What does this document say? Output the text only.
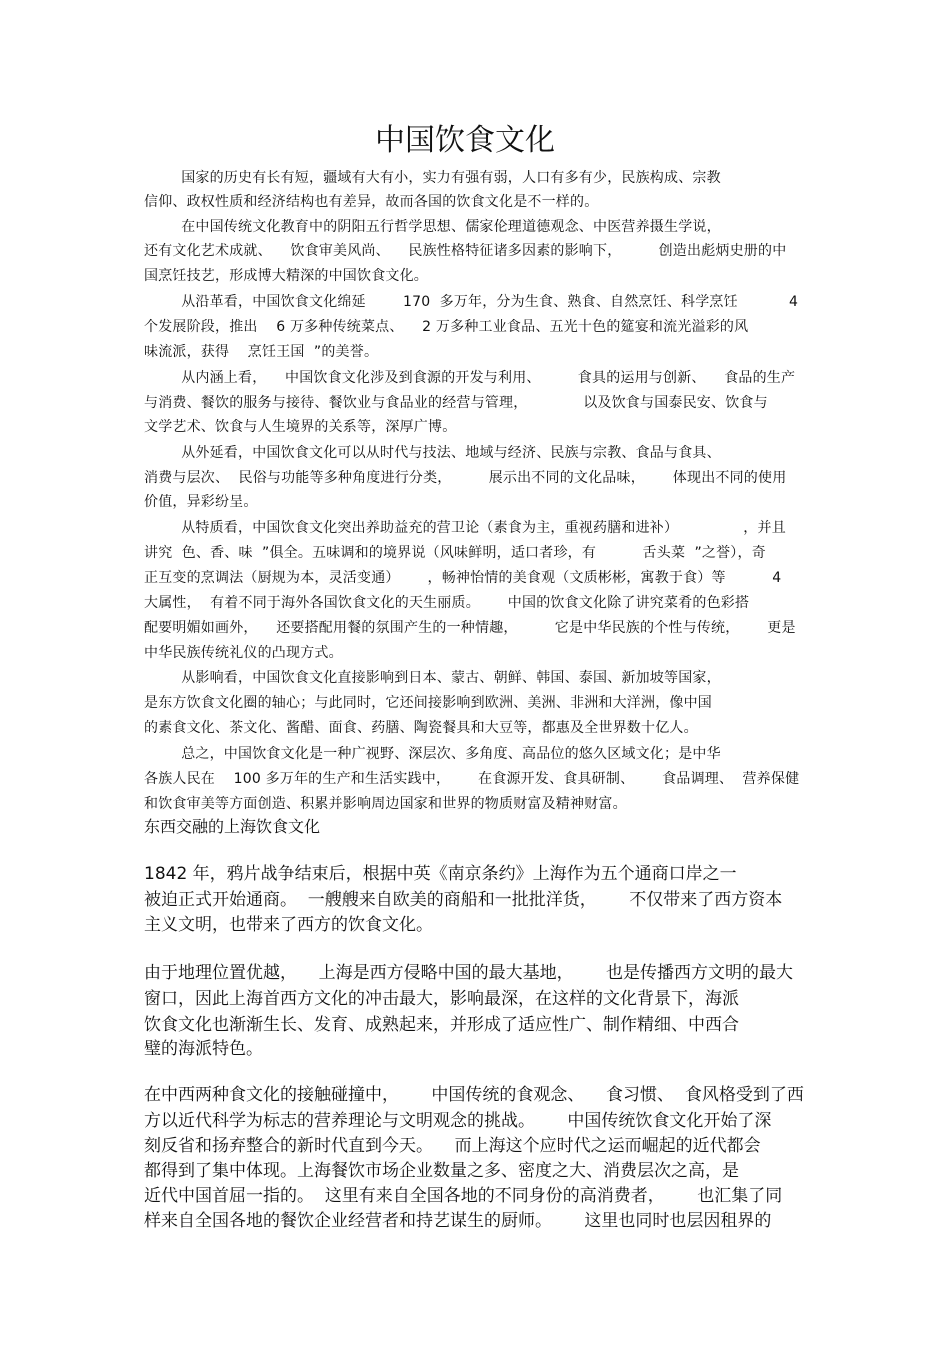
中国饮食文化
国家的历史有长有短，疆域有大有小，实力有强有弱，人口有多有少，民族构成、宗教
信仰、政权性质和经济结构也有差异，故而各国的饮食文化是不一样的。
在中国传统文化教育中的阴阳五行哲学思想、儒家伦理道德观念、中医营养摄生学说，
还有文化艺术成就、    饮食审美风尚、    民族性格特征诸多因素的影响下，        创造出彪炳史册的中
国烹饪技艺，形成博大精深的中国饮食文化。
从沿革看，中国饮食文化绵延        170  多万年，分为生食、熟食、自然烹饪、科学烹饪           4
个发展阶段，推出    6 万多种传统菜点、    2 万多种工业食品、五光十色的筵宴和流光溢彩的风
味流派，获得    烹饪王国  ”的美誉。
从内涵上看，    中国饮食文化涉及到食源的开发与利用、        食具的运用与创新、    食品的生产
与消费、餐饮的服务与接待、餐饮业与食品业的经营与管理，            以及饮食与国泰民安、饮食与
文学艺术、饮食与人生境界的关系等，深厚广博。
从外延看，中国饮食文化可以从时代与技法、地域与经济、民族与宗教、食品与食具、
消费与层次、  民俗与功能等多种角度进行分类，        展示出不同的文化品味，      体现出不同的使用
价值，异彩纷呈。
从特质看，中国饮食文化突出养助益充的营卫论（素食为主，重视药膳和进补）              ，并且
讲究  色、香、味  ”俱全。五味调和的境界说（风味鲜明，适口者珍，有          舌头菜  ”之誉），奇
正互变的烹调法（厨规为本，灵活变通）      ，畅神怡情的美食观（文质彬彬，寓教于食）等          4
大属性，  有着不同于海外各国饮食文化的天生丽质。      中国的饮食文化除了讲究菜肴的色彩搭
配要明媚如画外，    还要搭配用餐的氛围产生的一种情趣，        它是中华民族的个性与传统，      更是
中华民族传统礼仪的凸现方式。
从影响看，中国饮食文化直接影响到日本、蒙古、朝鲜、韩国、泰国、新加坡等国家，
是东方饮食文化圈的轴心；与此同时，它还间接影响到欧洲、美洲、非洲和大洋洲，像中国
的素食文化、茶文化、酱醋、面食、药膳、陶瓷餐具和大豆等，都惠及全世界数十亿人。
总之，中国饮食文化是一种广视野、深层次、多角度、高品位的悠久区域文化；是中华
各族人民在    100 多万年的生产和生活实践中，      在食源开发、食具研制、      食品调理、  营养保健
和饮食审美等方面创造、积累并影响周边国家和世界的物质财富及精神财富。
东西交融的上海饮食文化
1842 年，鸦片战争结束后，根据中英《南京条约》上海作为五个通商口岸之一
被迫正式开始通商。  一艘艘来自欧美的商船和一批批洋货，      不仅带来了西方资本
主义文明，也带来了西方的饮食文化。
由于地理位置优越，    上海是西方侵略中国的最大基地，      也是传播西方文明的最大
窗口，因此上海首西方文化的冲击最大，影响最深，在这样的文化背景下，海派
饮食文化也渐渐生长、发育、成熟起来，并形成了适应性广、制作精细、中西合
璧的海派特色。
在中西两种食文化的接触碰撞中，      中国传统的食观念、    食习惯、  食风格受到了西
方以近代科学为标志的营养理论与文明观念的挑战。      中国传统饮食文化开始了深
刻反省和扬弃整合的新时代直到今天。    而上海这个应时代之运而崛起的近代都会
都得到了集中体现。上海餐饮市场企业数量之多、密度之大、消费层次之高，是
近代中国首屈一指的。  这里有来自全国各地的不同身份的高消费者，      也汇集了同
样来自全国各地的餐饮企业经营者和持艺谋生的厨师。      这里也同时也层因租界的
